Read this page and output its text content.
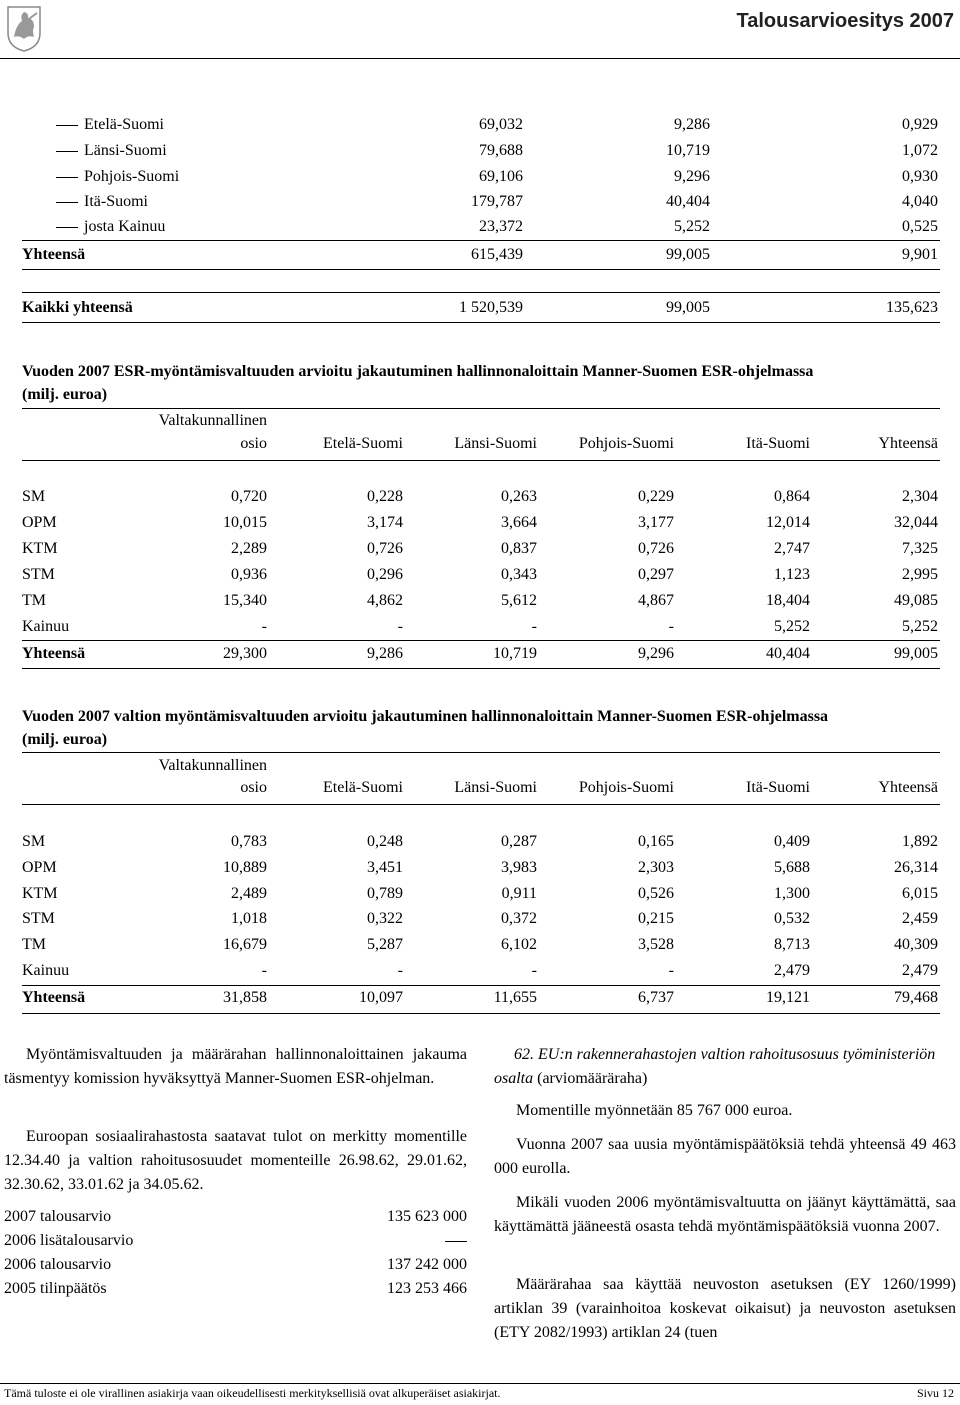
Talousarvioesitys 2007
Etelä-Suomi	69,032	9,286	0,929
Länsi-Suomi	79,688	10,719	1,072
Pohjois-Suomi	69,106	9,296	0,930
Itä-Suomi	179,787	40,404	4,040
josta Kainuu	23,372	5,252	0,525
Yhteensä	615,439	99,005	9,901
Kaikki yhteensä	1 520,539	99,005	135,623
Vuoden 2007 ESR-myöntämisvaltuuden arvioitu jakautuminen hallinnonaloittain Manner-Suomen ESR-ohjelmassa
(milj. euroa)
Valtakunnallinen
osio	Etelä-Suomi	Länsi-Suomi	Pohjois-Suomi	Itä-Suomi	Yhteensä
SM	0,720	0,228	0,263	0,229	0,864	2,304
OPM	10,015	3,174	3,664	3,177	12,014	32,044
KTM	2,289	0,726	0,837	0,726	2,747	7,325
STM	0,936	0,296	0,343	0,297	1,123	2,995
TM	15,340	4,862	5,612	4,867	18,404	49,085
Kainuu	-	-	-	-	5,252	5,252
Yhteensä	29,300	9,286	10,719	9,296	40,404	99,005
Vuoden 2007 valtion myöntämisvaltuuden arvioitu jakautuminen hallinnonaloittain Manner-Suomen ESR-ohjelmassa
(milj. euroa)
Valtakunnallinen
osio	Etelä-Suomi	Länsi-Suomi	Pohjois-Suomi	Itä-Suomi	Yhteensä
SM	0,783	0,248	0,287	0,165	0,409	1,892
OPM	10,889	3,451	3,983	2,303	5,688	26,314
KTM	2,489	0,789	0,911	0,526	1,300	6,015
STM	1,018	0,322	0,372	0,215	0,532	2,459
TM	16,679	5,287	6,102	3,528	8,713	40,309
Kainuu	-	-	-	-	2,479	2,479
Yhteensä	31,858	10,097	11,655	6,737	19,121	79,468
Myöntämisvaltuuden ja määrärahan hallinnonaloittainen jakauma täsmentyy komission hyväksyttyä Manner-Suomen ESR-ohjelman.
Euroopan sosiaalirahastosta saatavat tulot on merkitty momentille 12.34.40 ja valtion rahoitusosuudet momenteille 26.98.62, 29.01.62, 32.30.62, 33.01.62 ja 34.05.62.
2007 talousarvio	135 623 000
2006 lisätalousarvio
2006 talousarvio	137 242 000
2005 tilinpäätös	123 253 466
62. EU:n rakennerahastojen valtion rahoitusosuus työministeriön osalta (arviomääräraha)
Momentille myönnetään 85 767 000 euroa.
Vuonna 2007 saa uusia myöntämispäätöksiä tehdä yhteensä 49 463 000 eurolla.
Mikäli vuoden 2006 myöntämisvaltuutta on jäänyt käyttämättä, saa käyttämättä jääneestä osasta tehdä myöntämispäätöksiä vuonna 2007.
Määrärahaa saa käyttää neuvoston asetuksen (EY 1260/1999) artiklan 39 (varainhoitoa koskevat oikaisut) ja neuvoston asetuksen (ETY 2082/1993) artiklan 24 (tuen
Tämä tuloste ei ole virallinen asiakirja vaan oikeudellisesti merkityksellisiä ovat alkuperäiset asiakirjat.	Sivu 12
